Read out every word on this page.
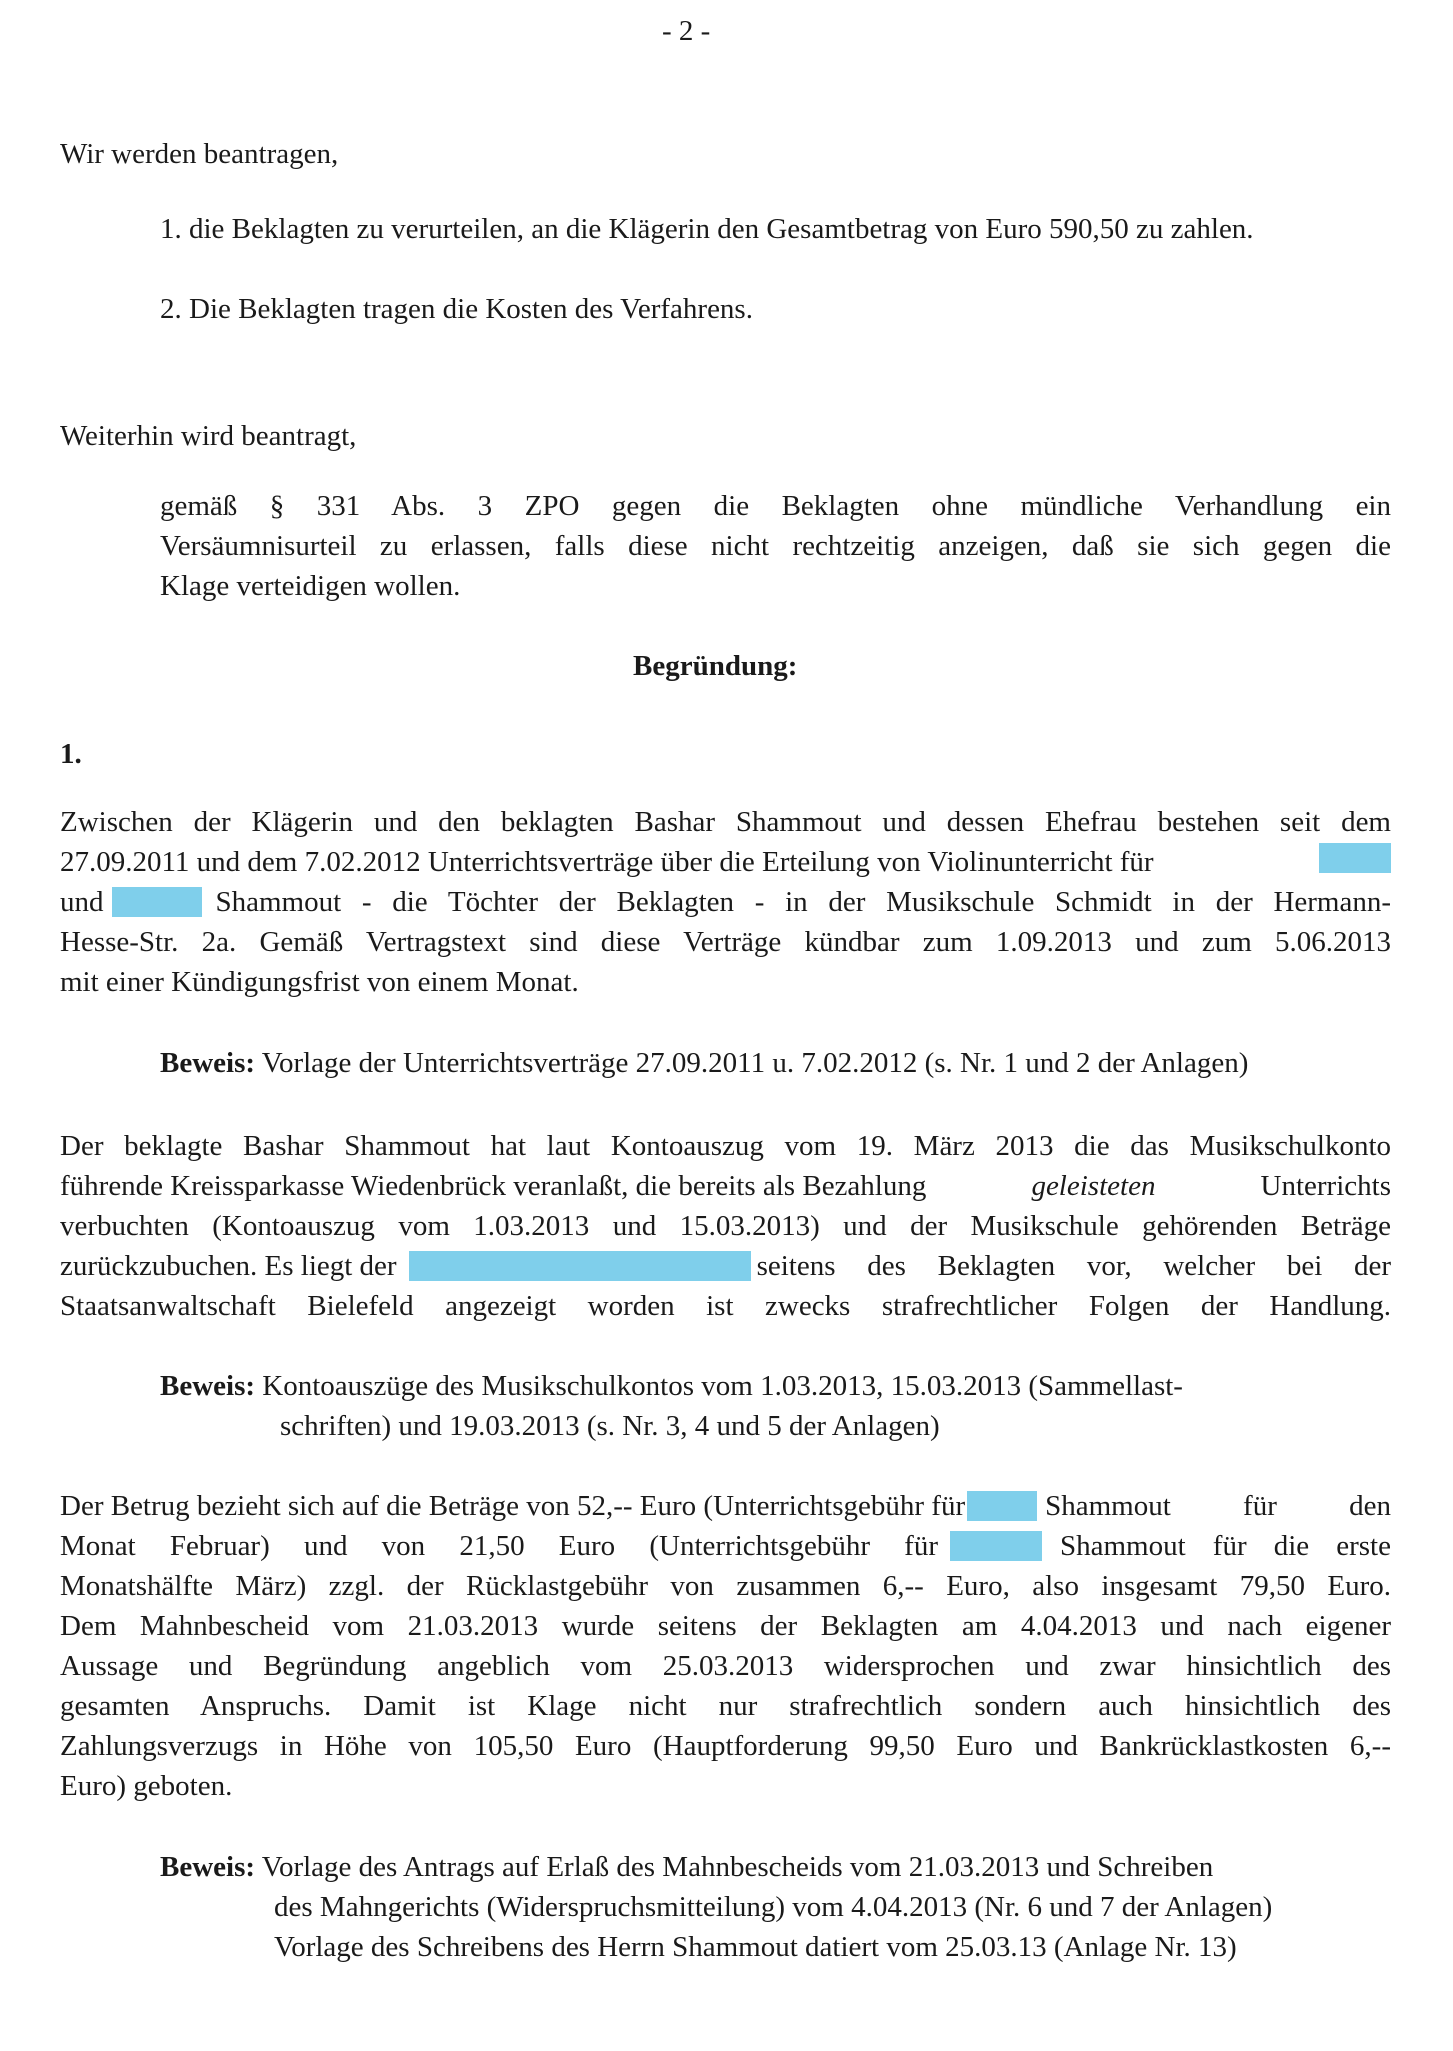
- 2 -
Wir werden beantragen,
1. die Beklagten zu verurteilen, an die Klägerin den Gesamtbetrag von Euro 590,50 zu zahlen.
2. Die Beklagten tragen die Kosten des Verfahrens.
Weiterhin wird beantragt,
gemäß § 331 Abs. 3 ZPO gegen die Beklagten ohne mündliche Verhandlung ein
Versäumnisurteil zu erlassen, falls diese nicht rechtzeitig anzeigen, daß sie sich gegen die
Klage verteidigen wollen.
Begründung:
1.
Zwischen der Klägerin und den beklagten Bashar Shammout und dessen Ehefrau bestehen seit dem
27.09.2011 und dem 7.02.2012 Unterrichtsverträge über die Erteilung von Violinunterricht für
und	Shammout - die Töchter der Beklagten - in der Musikschule Schmidt in der Hermann-
Hesse-Str. 2a. Gemäß Vertragstext sind diese Verträge kündbar zum 1.09.2013 und zum 5.06.2013
mit einer Kündigungsfrist von einem Monat.
Beweis: Vorlage der Unterrichtsverträge 27.09.2011 u. 7.02.2012 (s. Nr. 1 und 2 der Anlagen)
Der beklagte Bashar Shammout hat laut Kontoauszug vom 19. März 2013 die das Musikschulkonto
führende Kreissparkasse Wiedenbrück veranlaßt, die bereits als Bezahlung	geleisteten	Unterrichts
verbuchten (Kontoauszug vom 1.03.2013 und 15.03.2013) und der Musikschule gehörenden Beträge
zurückzubuchen. Es liegt der	seitens des Beklagten vor, welcher bei der
Staatsanwaltschaft Bielefeld angezeigt worden ist zwecks strafrechtlicher Folgen der Handlung.
Beweis: Kontoauszüge des Musikschulkontos vom 1.03.2013, 15.03.2013 (Sammellast-
schriften) und 19.03.2013 (s. Nr. 3, 4 und 5 der Anlagen)
Der Betrug bezieht sich auf die Beträge von 52,-- Euro (Unterrichtsgebühr für	Shammout für den
Monat Februar) und von 21,50 Euro (Unterrichtsgebühr für	Shammout für die erste
Monatshälfte März) zzgl. der Rücklastgebühr von zusammen 6,-- Euro, also insgesamt 79,50 Euro.
Dem Mahnbescheid vom 21.03.2013 wurde seitens der Beklagten am 4.04.2013 und nach eigener
Aussage und Begründung angeblich vom 25.03.2013 widersprochen und zwar hinsichtlich des
gesamten Anspruchs. Damit ist Klage nicht nur strafrechtlich sondern auch hinsichtlich des
Zahlungsverzugs in Höhe von 105,50 Euro (Hauptforderung 99,50 Euro und Bankrücklastkosten 6,--
Euro) geboten.
Beweis: Vorlage des Antrags auf Erlaß des Mahnbescheids vom 21.03.2013 und Schreiben
des Mahngerichts (Widerspruchsmitteilung) vom 4.04.2013 (Nr. 6 und 7 der Anlagen)
Vorlage des Schreibens des Herrn Shammout datiert vom 25.03.13 (Anlage Nr. 13)
